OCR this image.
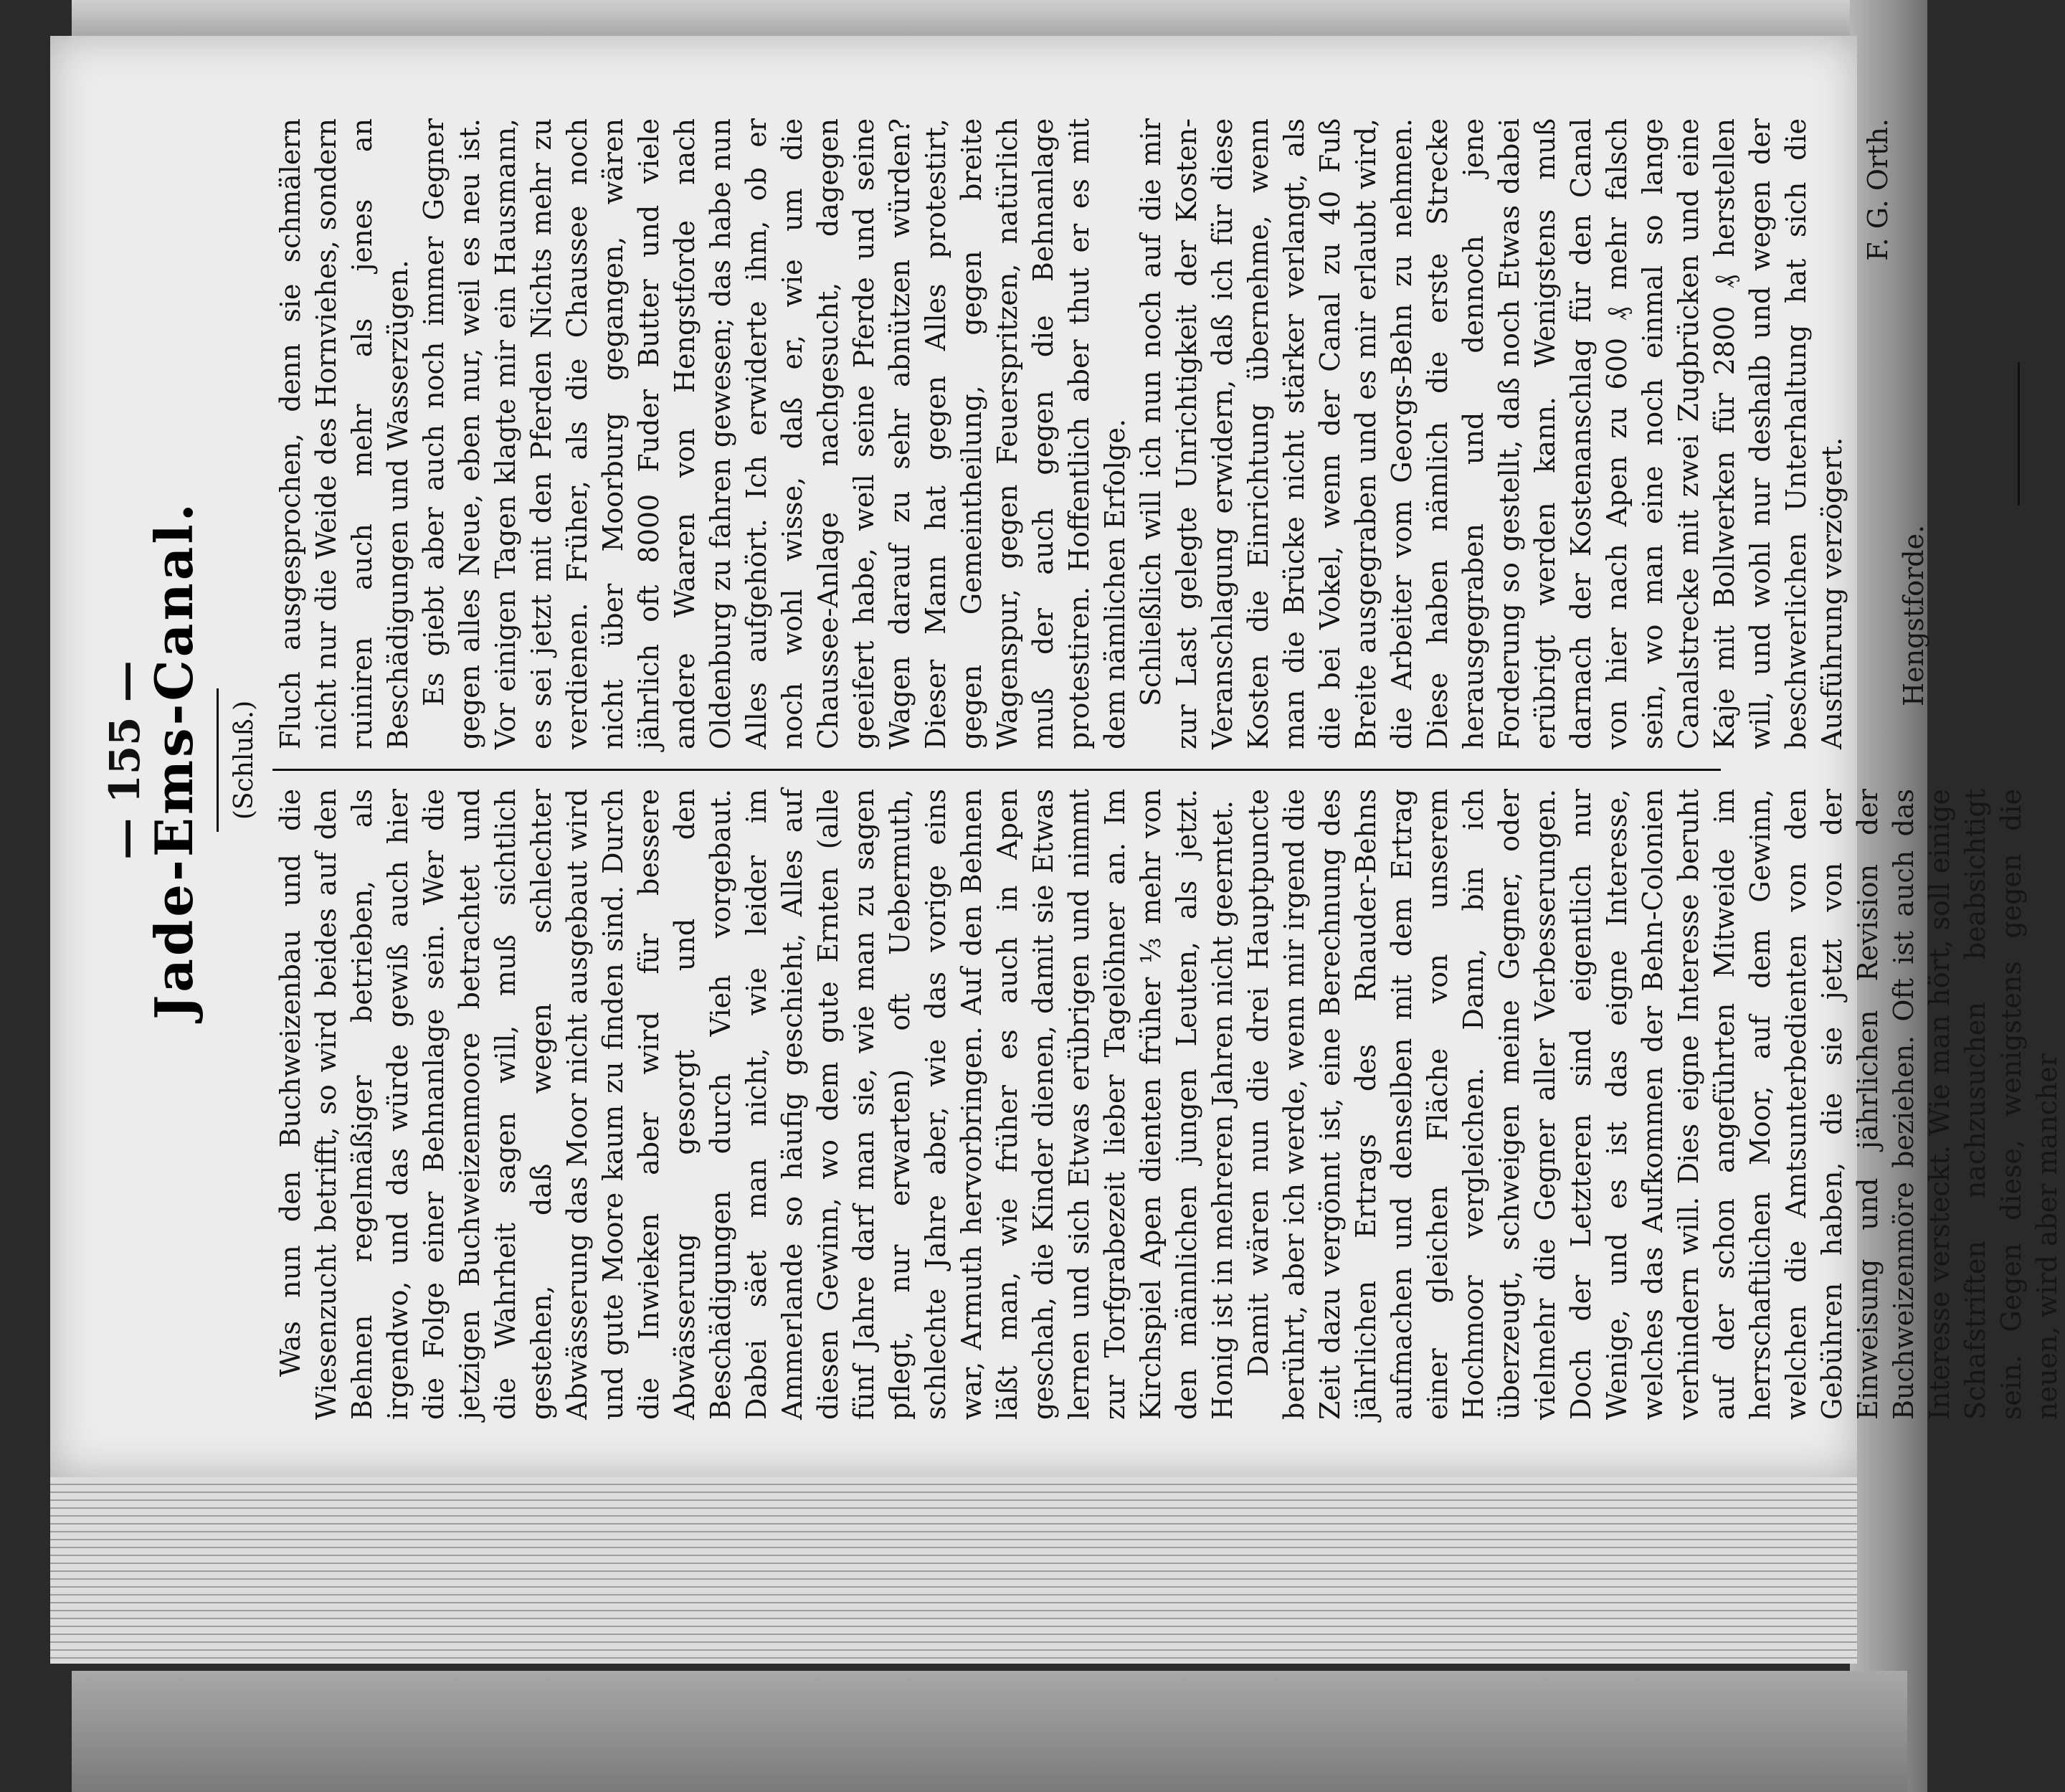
— 155 —
Jade-Ems-Canal. (Schluß.)

Was nun den Buchweizenbau und die Wiesenzucht betrifft, so wird beides auf den Behnen regelmäßiger betrieben, als irgendwo, und das würde gewiß auch hier die Folge einer Behnanlage sein. Wer die jetzigen Buchweizenmoore betrachtet und die Wahrheit sagen will, muß sichtlich gestehen, daß wegen schlechter Abwässerung das Moor nicht ausgebaut wird und gute Moore kaum zu finden sind. Durch die Inwieken aber wird für bessere Abwässerung gesorgt und den Beschädigungen durch Vieh vorgebaut. Dabei säet man nicht, wie leider im Ammerlande so häufig geschieht, Alles auf diesen Gewinn, wo dem gute Ernten (alle fünf Jahre darf man sie, wie man zu sagen pflegt, nur erwarten) oft Uebermuth, schlechte Jahre aber, wie das vorige eins war, Armuth hervorbringen. Auf den Behnen läßt man, wie früher es auch in Apen geschah, die Kinder dienen, damit sie Etwas lernen und sich Etwas erübrigen und nimmt zur Torfgrabezeit lieber Tagelöhner an. Im Kirchspiel Apen dienten früher ⅓ mehr von den männlichen jungen Leuten, als jetzt. Honig ist in mehreren Jahren nicht geerntet. Damit wären nun die drei Hauptpuncte berührt, aber ich werde, wenn mir irgend die Zeit dazu vergönnt ist, eine Berechnung des jährlichen Ertrags des Rhauder-Behns aufmachen und denselben mit dem Ertrag einer gleichen Fläche von unserem Hochmoor vergleichen. Dann, bin ich überzeugt, schweigen meine Gegner, oder vielmehr die Gegner aller Verbesserungen. Doch der Letzteren sind eigentlich nur Wenige, und es ist das eigne Interesse, welches das Aufkommen der Behn-Colonien verhindern will. Dies eigne Interesse beruht auf der schon angeführten Mitweide im herrschaftlichen Moor, auf dem Gewinn, welchen die Amtsunterbedienten von den Gebühren haben, die sie jetzt von der Einweisung und jährlichen Revision der Buchweizenmöre beziehen. Oft ist auch das Interesse versteckt. Wie man hört, soll einige Schafstriften nachzusuchen beabsichtigt sein. Gegen diese, wenigstens gegen die neuen, wird aber mancher

Fluch ausgesprochen, denn sie schmälern nicht nur die Weide des Hornviehes, sondern ruiniren auch mehr als jenes an Beschädigungen und Wasserzügen. Es giebt aber auch noch immer Gegner gegen alles Neue, eben nur, weil es neu ist. Vor einigen Tagen klagte mir ein Hausmann, es sei jetzt mit den Pferden Nichts mehr zu verdienen. Früher, als die Chaussee noch nicht über Moorburg gegangen, wären jährlich oft 8000 Fuder Butter und viele andere Waaren von Hengstforde nach Oldenburg zu fahren gewesen; das habe nun Alles aufgehört. Ich erwiderte ihm, ob er noch wohl wisse, daß er, wie um die Chaussee-Anlage nachgesucht, dagegen geeifert habe, weil seine Pferde und seine Wagen darauf zu sehr abnützen würden? Dieser Mann hat gegen Alles protestirt, gegen Gemeintheilung, gegen breite Wagenspur, gegen Feuerspritzen, natürlich muß der auch gegen die Behnanlage protestiren. Hoffentlich aber thut er es mit dem nämlichen Erfolge. Schließlich will ich nun noch auf die mir zur Last gelegte Unrichtigkeit der Kosten-Veranschlagung erwidern, daß ich für diese Kosten die Einrichtung übernehme, wenn man die Brücke nicht stärker verlangt, als die bei Vokel, wenn der Canal zu 40 Fuß Breite ausgegraben und es mir erlaubt wird, die Arbeiter vom Georgs-Behn zu nehmen. Diese haben nämlich die erste Strecke herausgegraben und dennoch jene Forderung so gestellt, daß noch Etwas dabei erübrigt werden kann. Wenigstens muß darnach der Kostenanschlag für den Canal von hier nach Apen zu 600 ₰ mehr falsch sein, wo man eine noch einmal so lange Canalstrecke mit zwei Zugbrücken und eine Kaje mit Bollwerken für 2800 ₰ herstellen will, und wohl nur deshalb und wegen der beschwerlichen Unterhaltung hat sich die Ausführung verzögert.

F. G. Orth.
Hengstforde.
